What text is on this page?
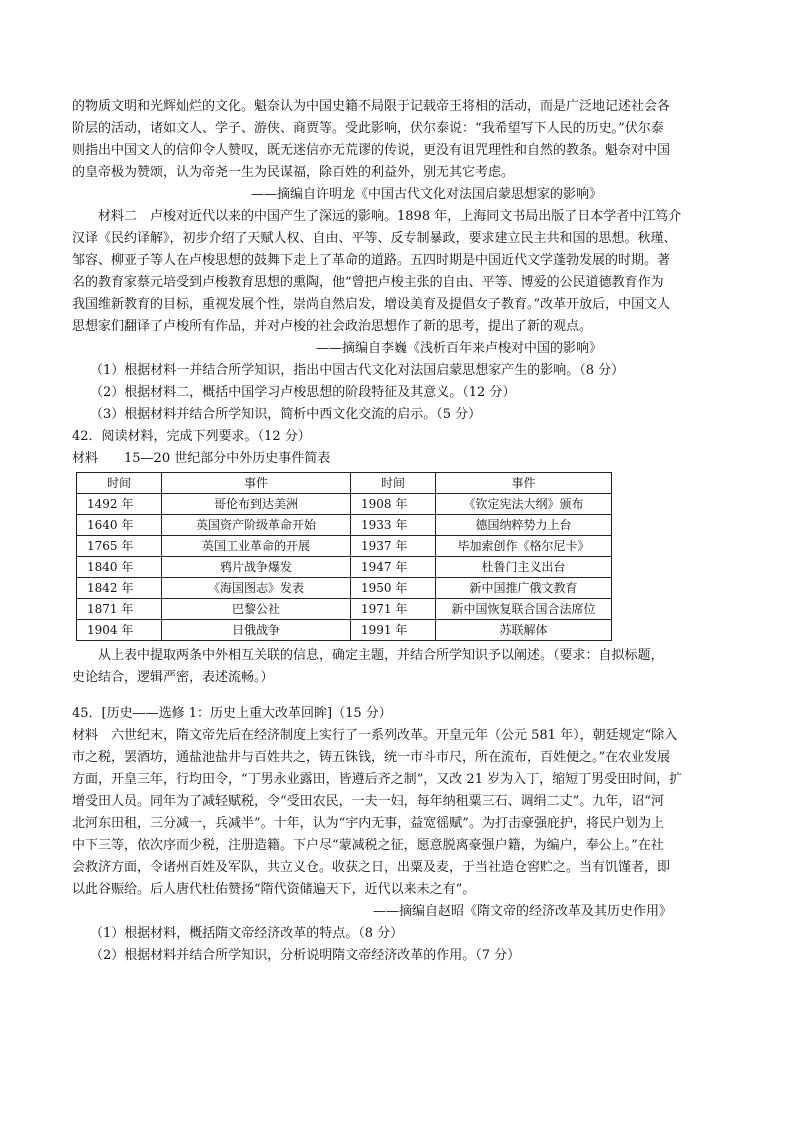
的物质文明和光辉灿烂的文化。魁奈认为中国史籍不局限于记载帝王将相的活动，而是广泛地记述社会各

阶层的活动，诸如文人、学子、游侠、商贾等。受此影响，伏尔泰说：“我希望写下人民的历史。”伏尔泰

则指出中国文人的信仰令人赞叹，既无迷信亦无荒谬的传说，更没有诅咒理性和自然的教条。魁奈对中国

的皇帝极为赞颂，认为帝尧一生为民谋福，除百姓的利益外，别无其它考虑。

——摘编自许明龙《中国古代文化对法国启蒙思想家的影响》

材料二　卢梭对近代以来的中国产生了深远的影响。1898 年，上海同文书局出版了日本学者中江笃介

汉译《民约译解》，初步介绍了天赋人权、自由、平等、反专制暴政，要求建立民主共和国的思想。秋瑾、

邹容、柳亚子等人在卢梭思想的鼓舞下走上了革命的道路。五四时期是中国近代文学蓬勃发展的时期。著

名的教育家蔡元培受到卢梭教育思想的熏陶，他“曾把卢梭主张的自由、平等、博爱的公民道德教育作为

我国维新教育的目标，重视发展个性，崇尚自然启发，增设美育及提倡女子教育。”改革开放后，中国文人

思想家们翻译了卢梭所有作品，并对卢梭的社会政治思想作了新的思考，提出了新的观点。

——摘编自李巍《浅析百年来卢梭对中国的影响》

（1）根据材料一并结合所学知识，指出中国古代文化对法国启蒙思想家产生的影响。（8 分）

（2）根据材料二，概括中国学习卢梭思想的阶段特征及其意义。（12 分）

（3）根据材料并结合所学知识，简析中西文化交流的启示。（5 分）

42．阅读材料，完成下列要求。（12 分）

材料　　15—20 世纪部分中外历史事件简表

时间	事件	时间	事件
1492 年	哥伦布到达美洲	1908 年	《钦定宪法大纲》颁布
1640 年	英国资产阶级革命开始	1933 年	德国纳粹势力上台
1765 年	英国工业革命的开展	1937 年	毕加索创作《格尔尼卡》
1840 年	鸦片战争爆发	1947 年	杜鲁门主义出台
1842 年	《海国图志》发表	1950 年	新中国推广俄文教育
1871 年	巴黎公社	1971 年	新中国恢复联合国合法席位
1904 年	日俄战争	1991 年	苏联解体

从上表中提取两条中外相互关联的信息，确定主题，并结合所学知识予以阐述。（要求：自拟标题，

史论结合，逻辑严密，表述流畅。）

45．[历史——选修 1：历史上重大改革回眸]（15 分）

材料　六世纪末，隋文帝先后在经济制度上实行了一系列改革。开皇元年（公元 581 年），朝廷规定“除入

市之税，罢酒坊，通盐池盐井与百姓共之，铸五铢钱，统一市斗市尺，所在流布，百姓便之。”在农业发展

方面，开皇三年，行均田令，“丁男永业露田，皆遵后齐之制”，又改 21 岁为入丁，缩短丁男受田时间，扩

增受田人员。同年为了减轻赋税，令“受田农民，一夫一妇，每年纳租粟三石、调绢二丈”。九年，诏“河

北河东田租，三分减一，兵减半”。十年，认为“宇内无事，益宽徭赋”。为打击豪强庇护，将民户划为上

中下三等，依次序而少税，注册造籍。下户尽“蒙减税之征，愿意脱离豪强户籍，为编户，奉公上。”在社

会救济方面，令诸州百姓及军队，共立义仓。收获之日，出粟及麦，于当社造仓窖贮之。当有饥馑者，即

以此谷赈给。后人唐代杜佑赞扬“隋代资储遍天下，近代以来未之有”。

——摘编自赵昭《隋文帝的经济改革及其历史作用》

（1）根据材料，概括隋文帝经济改革的特点。（8 分）

（2）根据材料并结合所学知识，分析说明隋文帝经济改革的作用。（7 分）
